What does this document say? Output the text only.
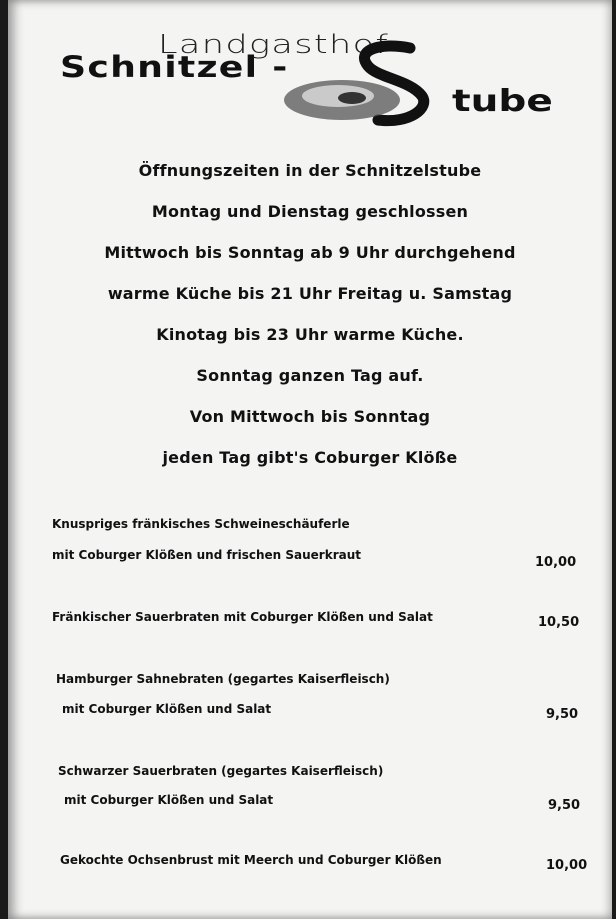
Landgasthof
Schnitzel -
tube
Öffnungszeiten in der Schnitzelstube
Montag und Dienstag geschlossen
Mittwoch bis Sonntag ab 9 Uhr durchgehend
warme Küche bis 21 Uhr Freitag u. Samstag
Kinotag bis 23 Uhr warme Küche.
Sonntag ganzen Tag auf.
Von Mittwoch bis Sonntag
jeden Tag gibt's Coburger Klöße
Knuspriges fränkisches Schweineschäuferle
mit Coburger Klößen und frischen Sauerkraut	10,00
Fränkischer Sauerbraten mit Coburger Klößen und Salat	10,50
Hamburger Sahnebraten (gegartes Kaiserfleisch)
mit Coburger Klößen und Salat	9,50
Schwarzer Sauerbraten (gegartes Kaiserfleisch)
mit Coburger Klößen und Salat	9,50
Gekochte Ochsenbrust mit Meerch und Coburger Klößen	10,00
